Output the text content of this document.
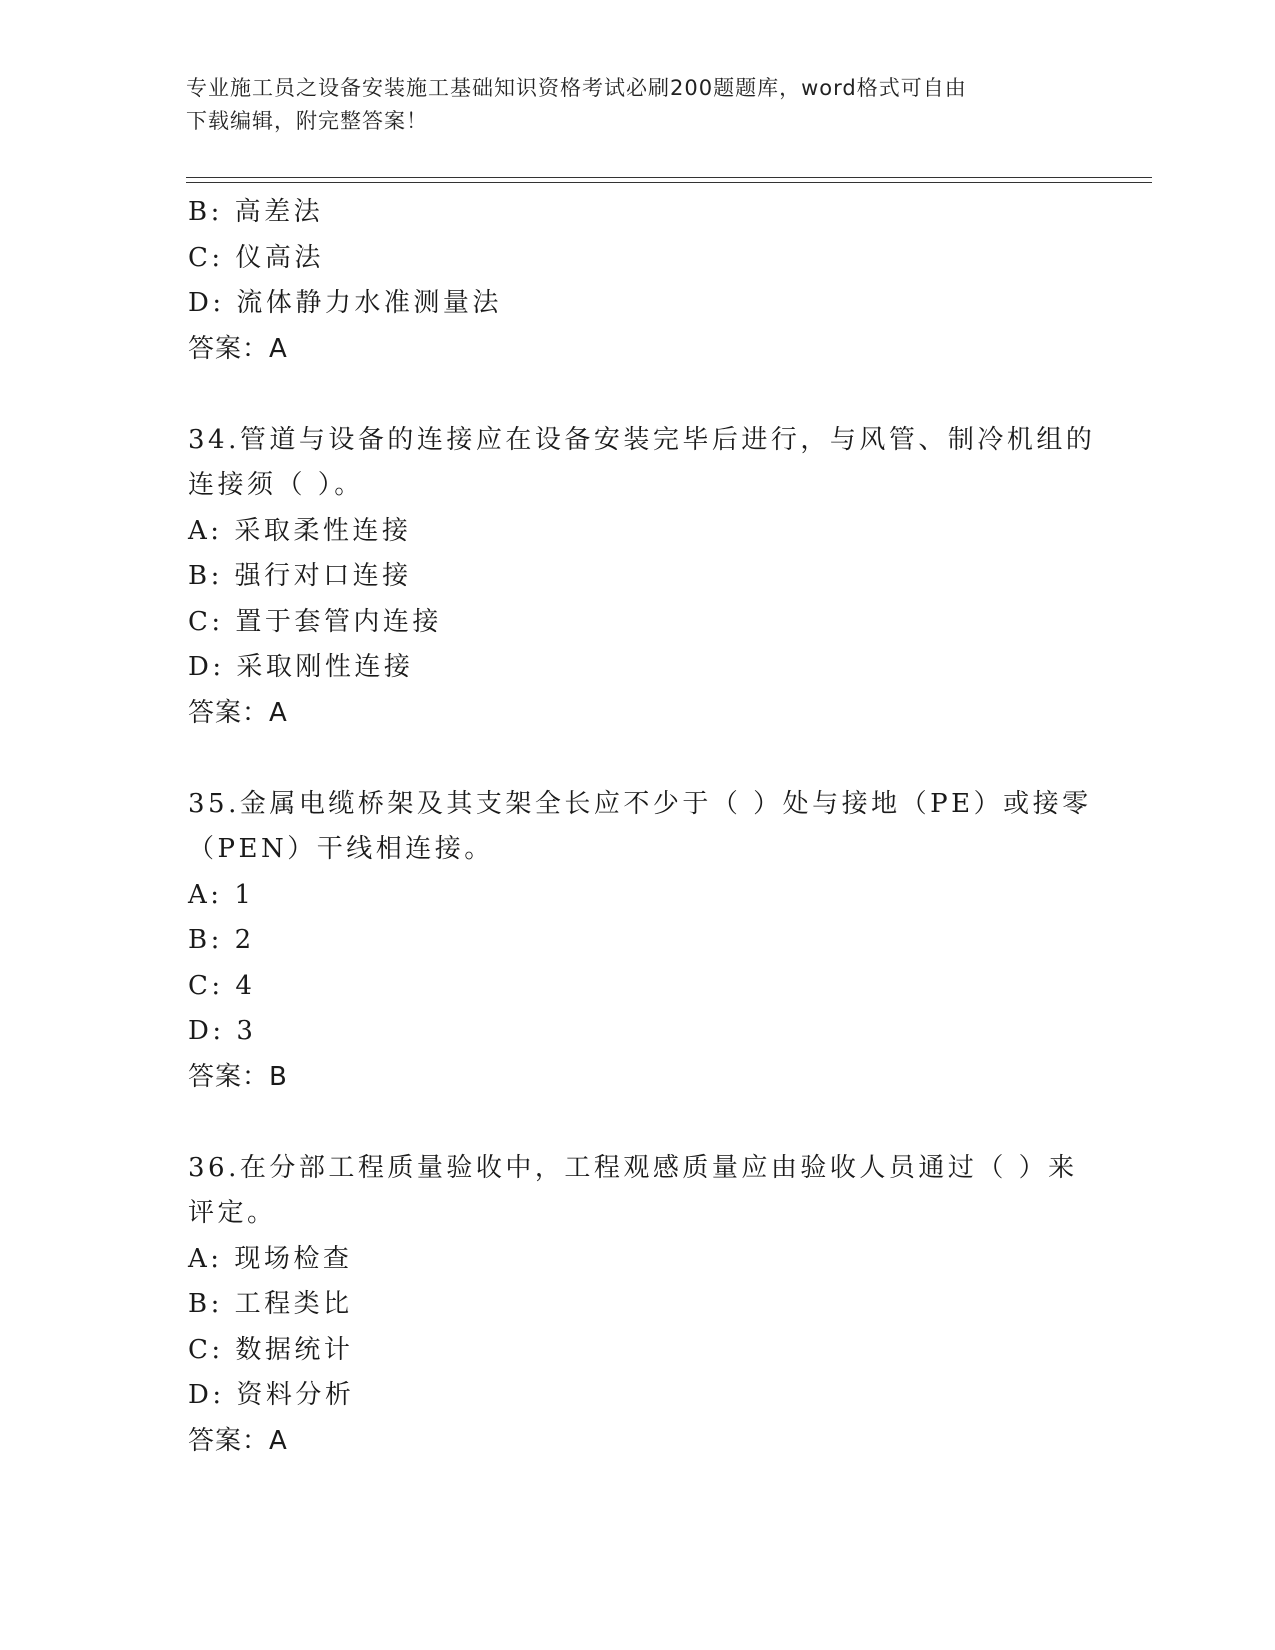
专业施工员之设备安装施工基础知识资格考试必刷200题题库，word格式可自由
下载编辑，附完整答案！
B: 高差法
C: 仪高法
D: 流体静力水准测量法
答案：A
34.管道与设备的连接应在设备安装完毕后进行，与风管、制冷机组的
连接须（ ）。
A: 采取柔性连接
B: 强行对口连接
C: 置于套管内连接
D: 采取刚性连接
答案：A
35.金属电缆桥架及其支架全长应不少于（ ）处与接地（PE）或接零
（PEN）干线相连接。
A: 1
B: 2
C: 4
D: 3
答案：B
36.在分部工程质量验收中，工程观感质量应由验收人员通过（ ）来
评定。
A: 现场检查
B: 工程类比
C: 数据统计
D: 资料分析
答案：A
